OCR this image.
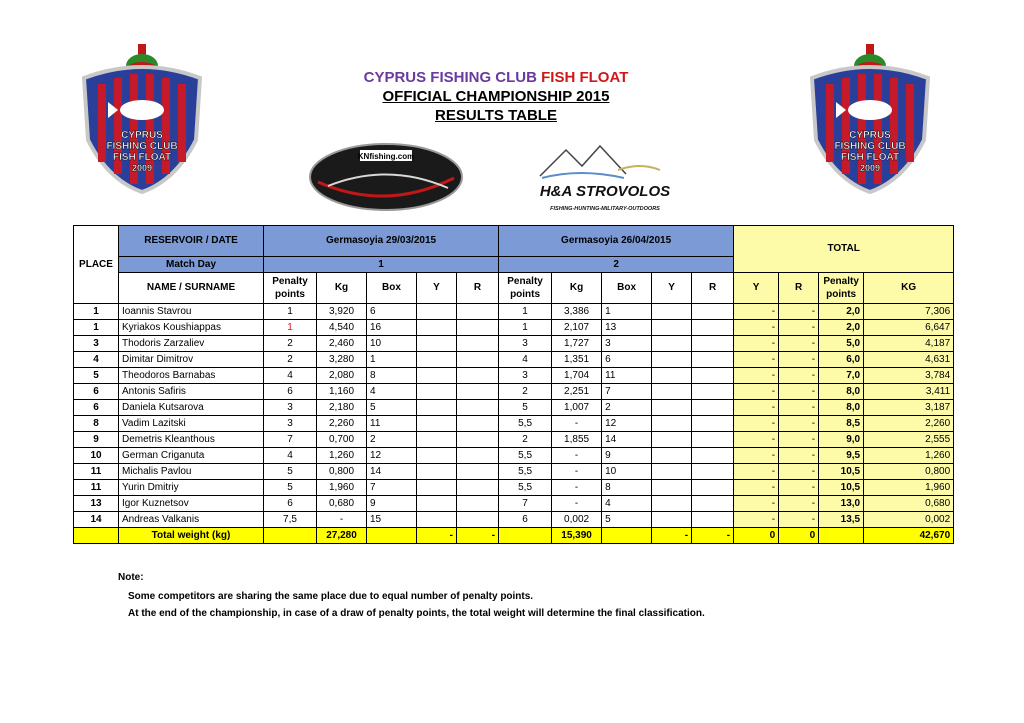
CYPRUS FISHING CLUB FISH FLOAT
OFFICIAL CHAMPIONSHIP 2015
RESULTS TABLE
CYPRUS
FISHING CLUB
FISH FLOAT
2009
CYPRUS
FISHING CLUB
FISH FLOAT
2009
KNfishing.com
H&A STROVOLOS
FISHING-HUNTING-MILITARY-OUTDOORS
PLACE	RESERVOIR / DATE	Germasoyia 29/03/2015					Germasoyia 26/04/2015					TOTAL			
	Match Day	1					2								
	NAME / SURNAME	Penalty points	Kg	Box	Y	R	Penalty points	Kg	Box	Y	R	Y	R	Penalty points	KG
1	Ioannis Stavrou	1	3,920	6			1	3,386	1			-	-	2,0	7,306
1	Kyriakos Koushiappas	1	4,540	16			1	2,107	13			-	-	2,0	6,647
3	Thodoris Zarzaliev	2	2,460	10			3	1,727	3			-	-	5,0	4,187
4	Dimitar Dimitrov	2	3,280	1			4	1,351	6			-	-	6,0	4,631
5	Theodoros Barnabas	4	2,080	8			3	1,704	11			-	-	7,0	3,784
6	Antonis Safiris	6	1,160	4			2	2,251	7			-	-	8,0	3,411
6	Daniela Kutsarova	3	2,180	5			5	1,007	2			-	-	8,0	3,187
8	Vadim Lazitski	3	2,260	11			5,5	-	12			-	-	8,5	2,260
9	Demetris Kleanthous	7	0,700	2			2	1,855	14			-	-	9,0	2,555
10	German Criganuta	4	1,260	12			5,5	-	9			-	-	9,5	1,260
11	Michalis Pavlou	5	0,800	14			5,5	-	10			-	-	10,5	0,800
11	Yurin Dmitriy	5	1,960	7			5,5	-	8			-	-	10,5	1,960
13	Igor Kuznetsov	6	0,680	9			7	-	4			-	-	13,0	0,680
14	Andreas Valkanis	7,5	-	15			6	0,002	5			-	-	13,5	0,002
	Total weight (kg)		27,280		-	-		15,390		-	-	0	0		42,670
Note:
Some competitors are sharing the same place due to equal number of penalty points.
At the end of the championship, in case of a draw of penalty points, the total weight will determine the final classification.
